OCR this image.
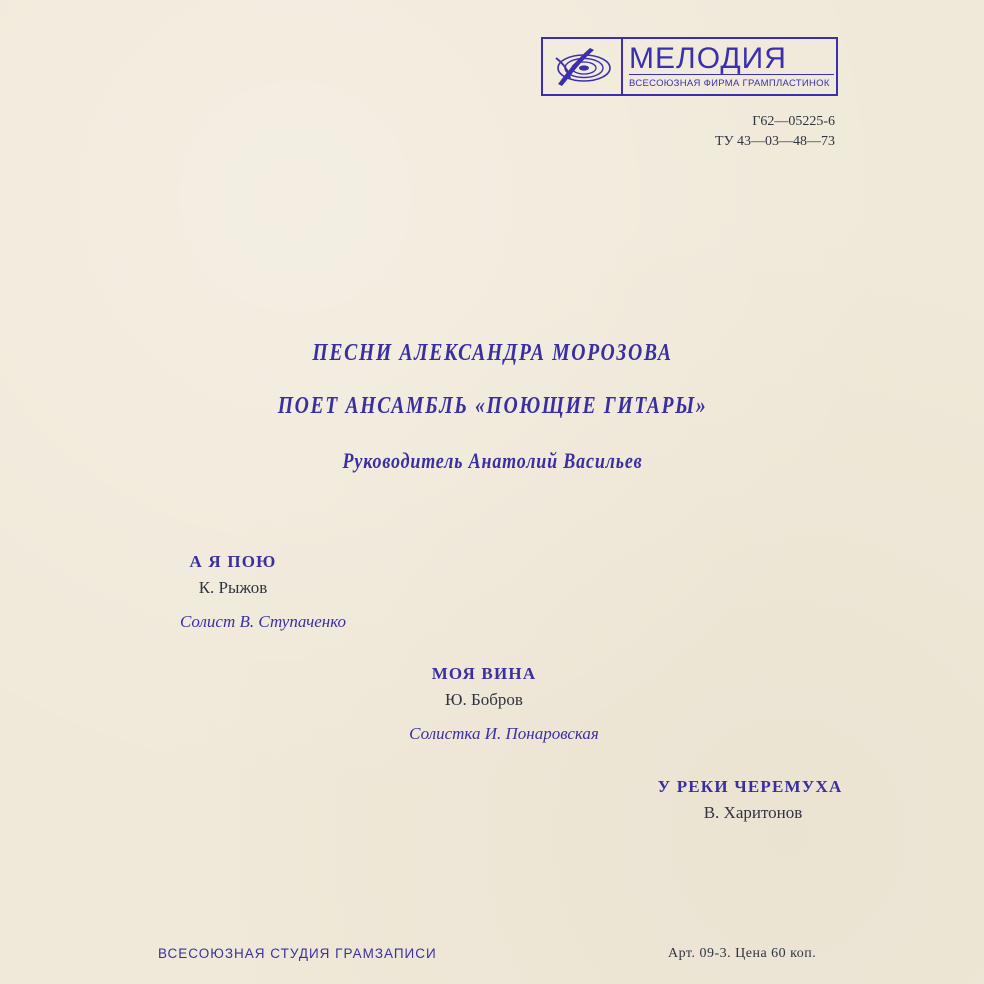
МЕЛОДИЯ
ВСЕСОЮЗНАЯ ФИРМА ГРАМПЛАСТИНОК
Г62—05225-6
ТУ 43—03—48—73
ПЕСНИ АЛЕКСАНДРА МОРОЗОВА
ПОЕТ АНСАМБЛЬ «ПОЮЩИЕ ГИТАРЫ»
Руководитель Анатолий Васильев
А Я ПОЮ
К. Рыжов
Солист В. Ступаченко
МОЯ ВИНА
Ю. Бобров
Солистка И. Понаровская
У РЕКИ ЧЕРЕМУХА
В. Харитонов
ВСЕСОЮЗНАЯ СТУДИЯ ГРАМЗАПИСИ	Арт. 09-3. Цена 60 коп.
